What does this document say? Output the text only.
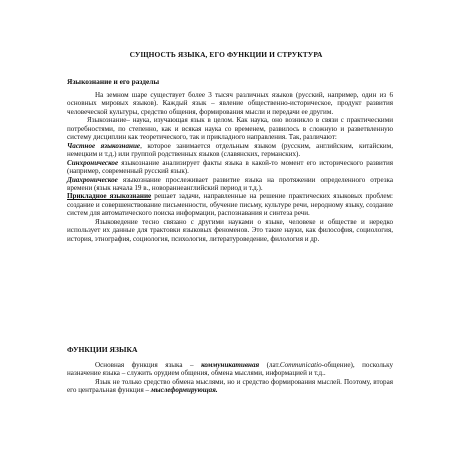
СУЩНОСТЬ ЯЗЫКА, ЕГО ФУНКЦИИ И СТРУКТУРА
Языкознание и его разделы

На земном шаре существует более 3 тысяч различных языков (русский, например, один из 6 основных мировых языков). Каждый язык – явление общественно-историческое, продукт развития человеческой культуры, средство общения, формирования мысли и передачи ее другим.

Языкознание– наука, изучающая язык в целом. Как наука, оно возникло в связи с практическими потребностями, по степенно, как и всякая наука со временем, развилось в сложную и разветвленную систему дисциплин как теоретического, так и прикладного направления. Так, различают:

Частное языкознание, которое занимается отдельным языком (русским, английским, китайским, немецким и т.д.) или группой родственных языков (славянских, германских).

Синхроническое языкознание анализирует факты языка в какой-то момент его исторического развития (например, современный русский язык).

Диахроническое языкознание прослеживает развитие языка на протяжении определенного отрезка времени (язык начала 19 в., новораннеанглийский период и т.д.).

Прикладное языкознание решает задачи, направленные на решение практических языковых проблем: создание и совершенствование письменности, обучение письму, культуре речи, неродному языку, создание систем для автоматического поиска информации, распознавания и синтеза речи.

Языковедение тесно связано с другими науками о языке, человеке и обществе и нередко использует их данные для трактовки языковых феноменов. Это такие науки, как философия, социология, история, этнография, социология, психология, литературоведение, филология и др.

ФУНКЦИИ ЯЗЫКА

Основная функция языка – коммуникативная (лат.Communicatio-общение), поскольку назначение языка – служить орудием общения, обмена мыслями, информацией и т.д..

Язык не только средство обмена мыслями, но и средство формирования мыслей. Поэтому, вторая его центральная функция – мыслеформирующая.
